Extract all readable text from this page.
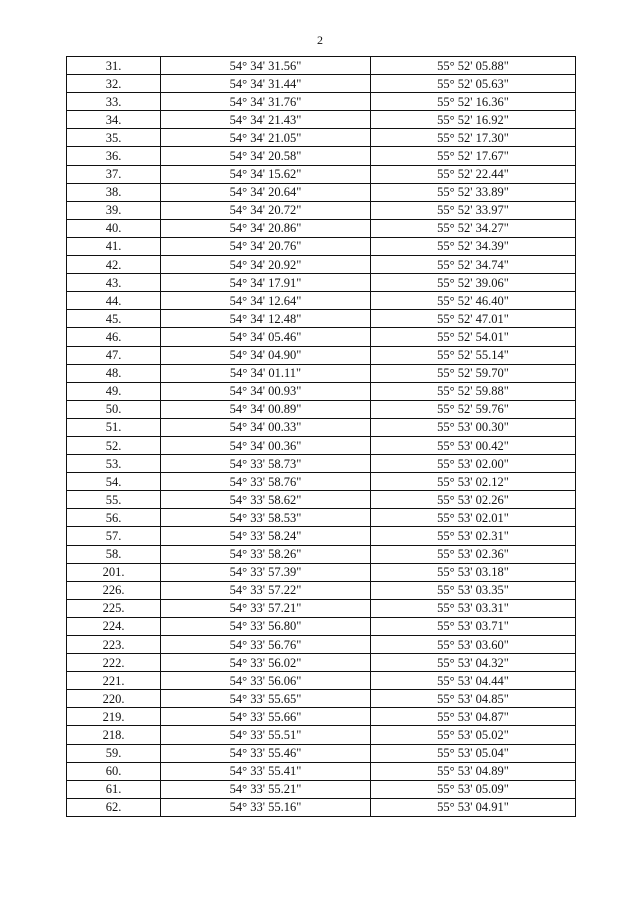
2
31.	54° 34' 31.56"	55° 52' 05.88"
32.	54° 34' 31.44"	55° 52' 05.63"
33.	54° 34' 31.76"	55° 52' 16.36"
34.	54° 34' 21.43"	55° 52' 16.92"
35.	54° 34' 21.05"	55° 52' 17.30"
36.	54° 34' 20.58"	55° 52' 17.67"
37.	54° 34' 15.62"	55° 52' 22.44"
38.	54° 34' 20.64"	55° 52' 33.89"
39.	54° 34' 20.72"	55° 52' 33.97"
40.	54° 34' 20.86"	55° 52' 34.27"
41.	54° 34' 20.76"	55° 52' 34.39"
42.	54° 34' 20.92"	55° 52' 34.74"
43.	54° 34' 17.91"	55° 52' 39.06"
44.	54° 34' 12.64"	55° 52' 46.40"
45.	54° 34' 12.48"	55° 52' 47.01"
46.	54° 34' 05.46"	55° 52' 54.01"
47.	54° 34' 04.90"	55° 52' 55.14"
48.	54° 34' 01.11"	55° 52' 59.70"
49.	54° 34' 00.93"	55° 52' 59.88"
50.	54° 34' 00.89"	55° 52' 59.76"
51.	54° 34' 00.33"	55° 53' 00.30"
52.	54° 34' 00.36"	55° 53' 00.42"
53.	54° 33' 58.73"	55° 53' 02.00"
54.	54° 33' 58.76"	55° 53' 02.12"
55.	54° 33' 58.62"	55° 53' 02.26"
56.	54° 33' 58.53"	55° 53' 02.01"
57.	54° 33' 58.24"	55° 53' 02.31"
58.	54° 33' 58.26"	55° 53' 02.36"
201.	54° 33' 57.39"	55° 53' 03.18"
226.	54° 33' 57.22"	55° 53' 03.35"
225.	54° 33' 57.21"	55° 53' 03.31"
224.	54° 33' 56.80"	55° 53' 03.71"
223.	54° 33' 56.76"	55° 53' 03.60"
222.	54° 33' 56.02"	55° 53' 04.32"
221.	54° 33' 56.06"	55° 53' 04.44"
220.	54° 33' 55.65"	55° 53' 04.85"
219.	54° 33' 55.66"	55° 53' 04.87"
218.	54° 33' 55.51"	55° 53' 05.02"
59.	54° 33' 55.46"	55° 53' 05.04"
60.	54° 33' 55.41"	55° 53' 04.89"
61.	54° 33' 55.21"	55° 53' 05.09"
62.	54° 33' 55.16"	55° 53' 04.91"
